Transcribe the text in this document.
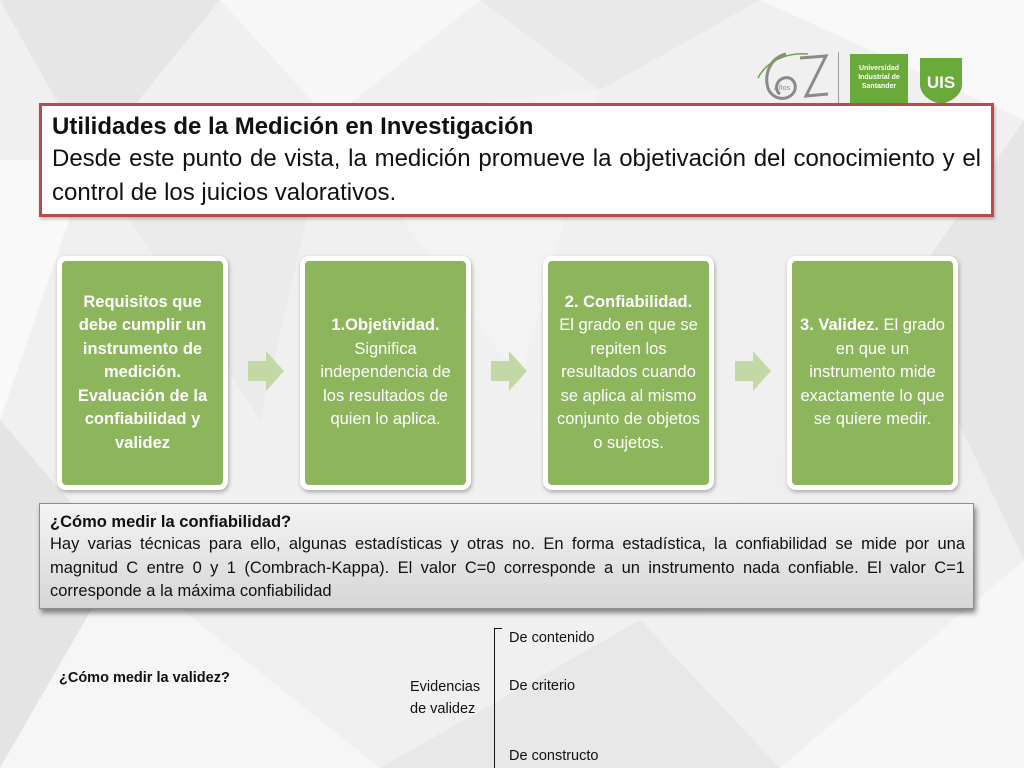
Años
Universidad
Industrial de
Santander	UIS

Utilidades de la Medición en Investigación

Desde este punto de vista, la medición promueve la objetivación del conocimiento y el control de los juicios valorativos.

Requisitos que debe cumplir un instrumento de medición. Evaluación de la confiabilidad y validez
1.Objetividad. Significa independencia de los resultados de quien lo aplica.
2. Confiabilidad. El grado en que se repiten los resultados cuando se aplica al mismo conjunto de objetos o sujetos.
3. Validez. El grado en que un instrumento mide exactamente lo que se quiere medir.

¿Cómo medir la confiabilidad?

Hay varias técnicas para ello, algunas estadísticas y otras no. En forma estadística, la confiabilidad se mide por una magnitud C entre 0 y 1 (Combrach-Kappa). El valor C=0 corresponde a un instrumento nada confiable. El valor C=1 corresponde a la máxima confiabilidad

¿Cómo medir la validez?
Evidencias
de validez
De contenido
De criterio
De constructo
